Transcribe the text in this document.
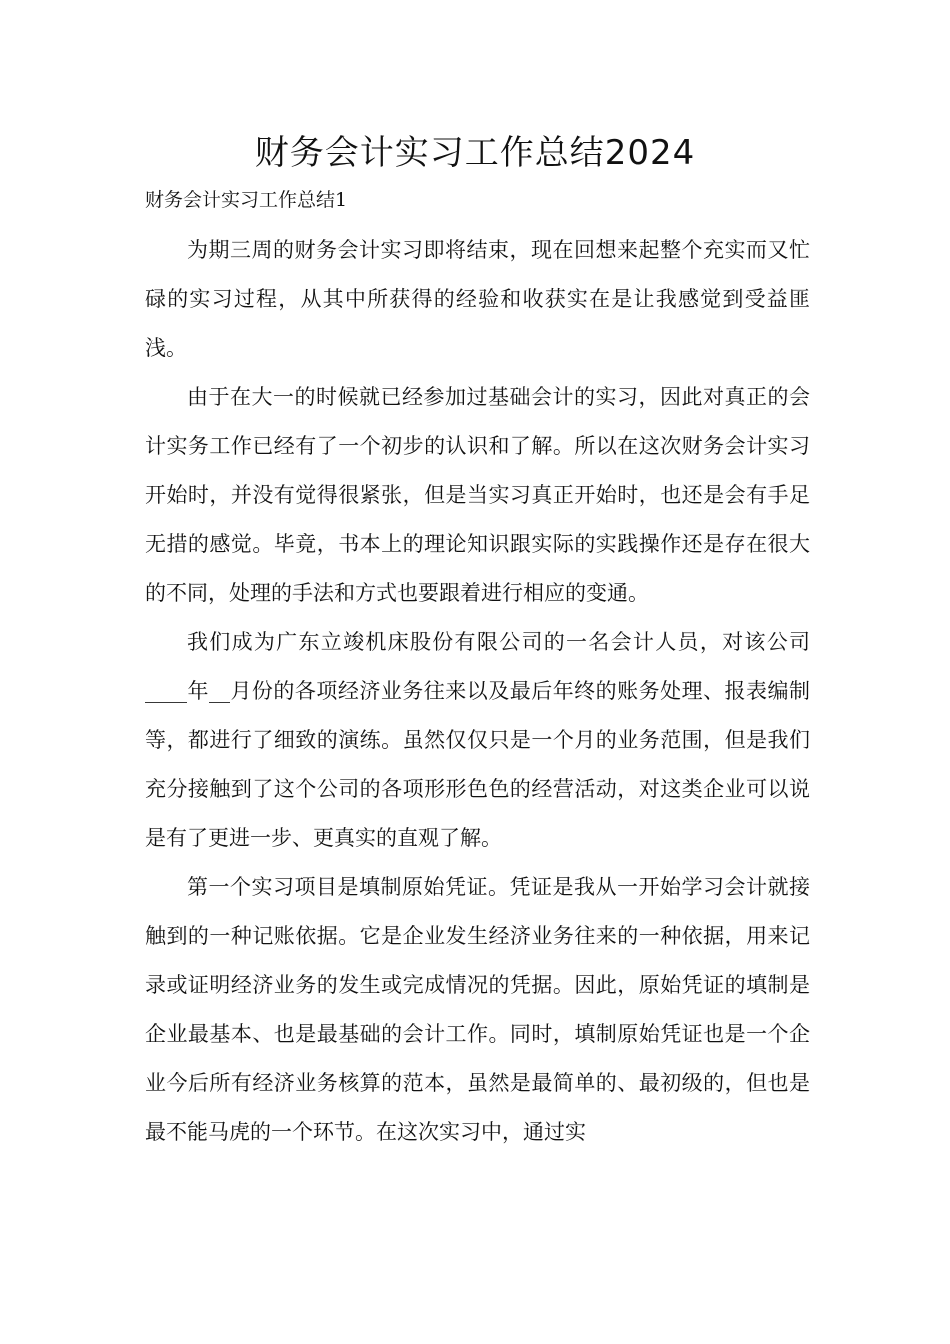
财务会计实习工作总结2024

财务会计实习工作总结1

为期三周的财务会计实习即将结束，现在回想来起整个充实而又忙碌的实习过程，从其中所获得的经验和收获实在是让我感觉到受益匪浅。

由于在大一的时候就已经参加过基础会计的实习，因此对真正的会计实务工作已经有了一个初步的认识和了解。所以在这次财务会计实习开始时，并没有觉得很紧张，但是当实习真正开始时，也还是会有手足无措的感觉。毕竟，书本上的理论知识跟实际的实践操作还是存在很大的不同，处理的手法和方式也要跟着进行相应的变通。

我们成为广东立竣机床股份有限公司的一名会计人员，对该公司____年__月份的各项经济业务往来以及最后年终的账务处理、报表编制等，都进行了细致的演练。虽然仅仅只是一个月的业务范围，但是我们充分接触到了这个公司的各项形形色色的经营活动，对这类企业可以说是有了更进一步、更真实的直观了解。

第一个实习项目是填制原始凭证。凭证是我从一开始学习会计就接触到的一种记账依据。它是企业发生经济业务往来的一种依据，用来记录或证明经济业务的发生或完成情况的凭据。因此，原始凭证的填制是企业最基本、也是最基础的会计工作。同时，填制原始凭证也是一个企业今后所有经济业务核算的范本，虽然是最简单的、最初级的，但也是最不能马虎的一个环节。在这次实习中，通过实
